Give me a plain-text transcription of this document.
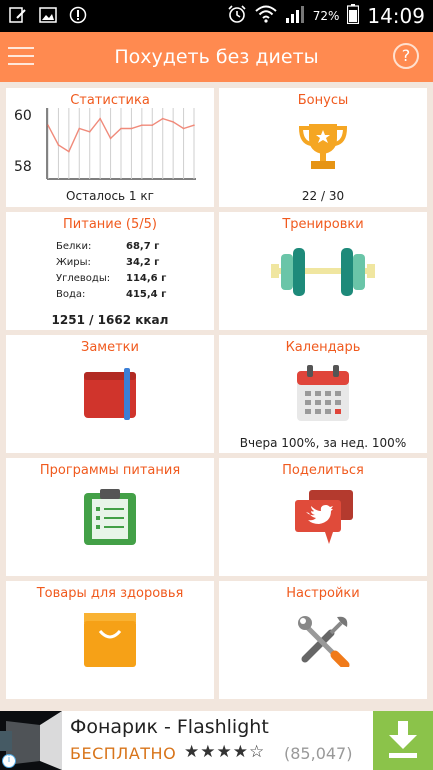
72% 14:09
Похудеть без диеты	?
Статистика
60
58
Осталось 1 кг
Бонусы
22 / 30
Питание (5/5)
Белки:	68,7 г
Жиры:	34,2 г
Углеводы: 114,6 г
Вода:	415,4 г
1251 / 1662 ккал
Тренировки
Заметки	Календарь
Вчера 100%, за нед. 100%
Программы питания	Поделиться
Товары для здоровья	Настройки
Фонарик - Flashlight
БЕСПЛАТНО ★★★★☆ (85,047)
i
